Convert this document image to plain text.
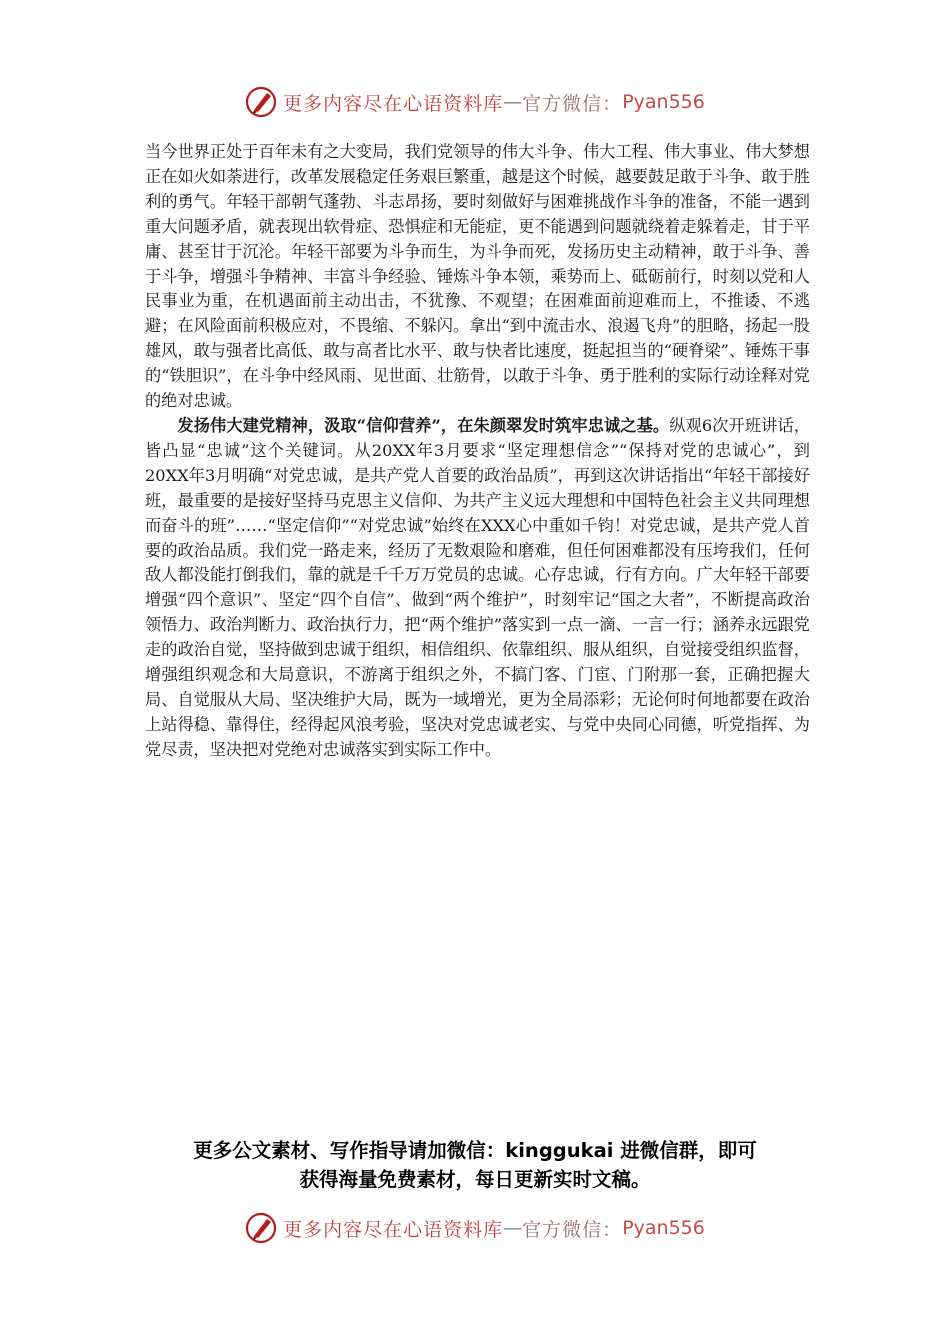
更多内容尽在心语资料库 — 官方微信： Pyan556

当今世界正处于百年未有之大变局，我们党领导的伟大斗争、伟大工程、伟大事业、伟大梦想正在如火如荼进行，改革发展稳定任务艰巨繁重，越是这个时候，越要鼓足敢于斗争、敢于胜利的勇气。年轻干部朝气蓬勃、斗志昂扬，要时刻做好与困难挑战作斗争的准备，不能一遇到重大问题矛盾，就表现出软骨症、恐惧症和无能症，更不能遇到问题就绕着走躲着走，甘于平庸、甚至甘于沉沦。年轻干部要为斗争而生，为斗争而死，发扬历史主动精神，敢于斗争、善于斗争，增强斗争精神、丰富斗争经验、锤炼斗争本领，乘势而上、砥砺前行，时刻以党和人民事业为重，在机遇面前主动出击，不犹豫、不观望；在困难面前迎难而上，不推诿、不逃避；在风险面前积极应对，不畏缩、不躲闪。拿出“到中流击水、浪遏飞舟”的胆略，扬起一股雄风，敢与强者比高低、敢与高者比水平、敢与快者比速度，挺起担当的“硬脊梁”、锤炼干事的“铁胆识”，在斗争中经风雨、见世面、壮筋骨，以敢于斗争、勇于胜利的实际行动诠释对党的绝对忠诚。

发扬伟大建党精神，汲取“信仰营养”，在朱颜翠发时筑牢忠诚之基。纵观6次开班讲话，皆凸显“忠诚”这个关键词。从20XX年3月要求“坚定理想信念”“保持对党的忠诚心”，到20XX年3月明确“对党忠诚，是共产党人首要的政治品质”，再到这次讲话指出“年轻干部接好班，最重要的是接好坚持马克思主义信仰、为共产主义远大理想和中国特色社会主义共同理想而奋斗的班”……“坚定信仰”“对党忠诚”始终在XXX心中重如千钧！对党忠诚，是共产党人首要的政治品质。我们党一路走来，经历了无数艰险和磨难，但任何困难都没有压垮我们，任何敌人都没能打倒我们，靠的就是千千万万党员的忠诚。心存忠诚，行有方向。广大年轻干部要增强“四个意识”、坚定“四个自信”、做到“两个维护”，时刻牢记“国之大者”，不断提高政治领悟力、政治判断力、政治执行力，把“两个维护”落实到一点一滴、一言一行；涵养永远跟党走的政治自觉，坚持做到忠诚于组织，相信组织、依靠组织、服从组织，自觉接受组织监督，增强组织观念和大局意识，不游离于组织之外，不搞门客、门宦、门附那一套，正确把握大局、自觉服从大局、坚决维护大局，既为一域增光，更为全局添彩；无论何时何地都要在政治上站得稳、靠得住，经得起风浪考验，坚决对党忠诚老实、与党中央同心同德，听党指挥、为党尽责，坚决把对党绝对忠诚落实到实际工作中。

更多公文素材、写作指导请加微信：kinggukai 进微信群，即可
获得海量免费素材，每日更新实时文稿。
更多内容尽在心语资料库 — 官方微信： Pyan556
